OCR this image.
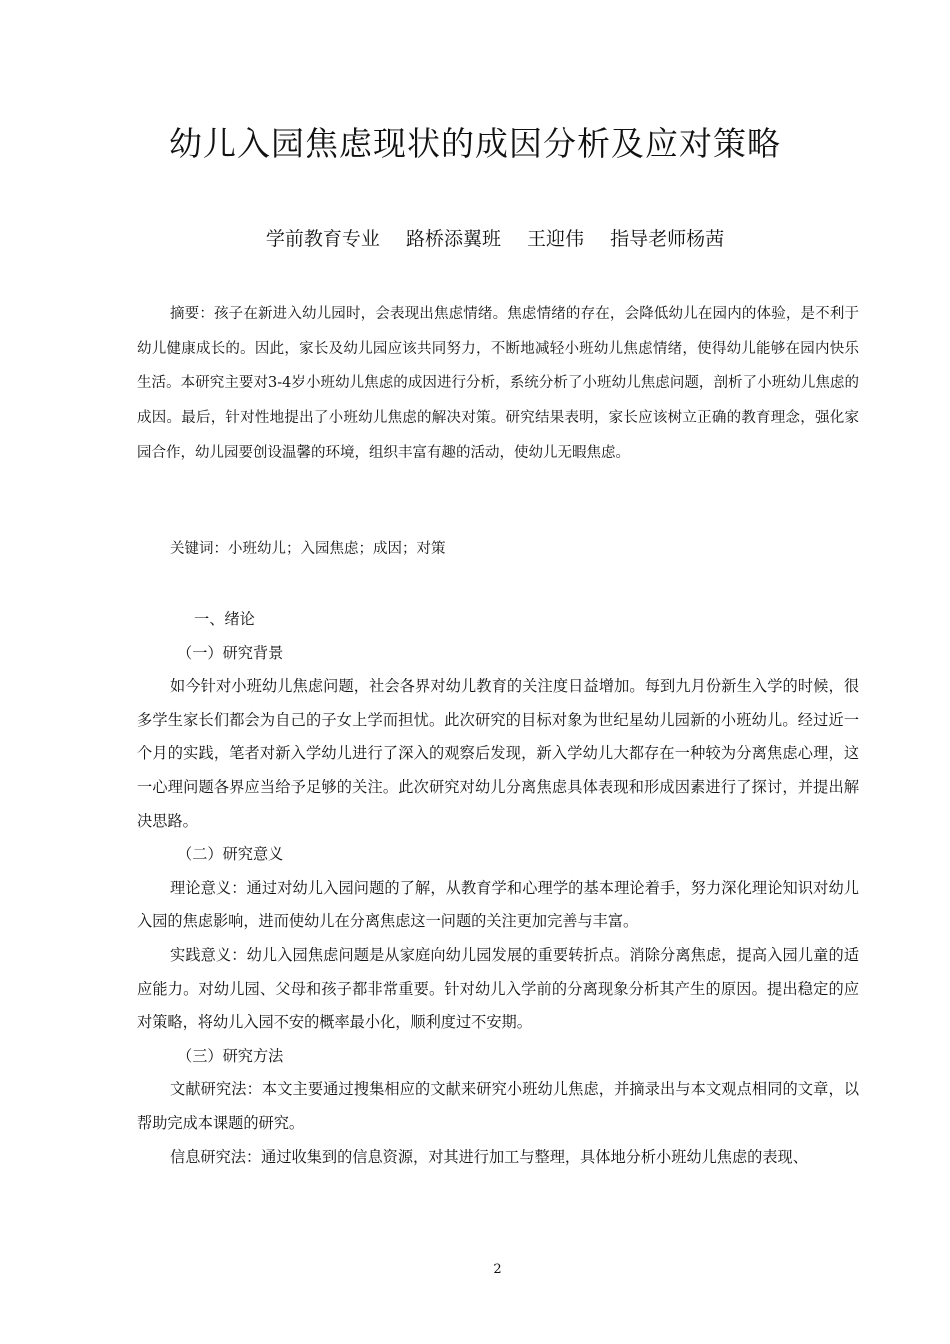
幼儿入园焦虑现状的成因分析及应对策略
学前教育专业 路桥添翼班 王迎伟 指导老师杨茜
摘要：孩子在新进入幼儿园时，会表现出焦虑情绪。焦虑情绪的存在，会降低幼儿在园内的体验，是不利于幼儿健康成长的。因此，家长及幼儿园应该共同努力，不断地减轻小班幼儿焦虑情绪，使得幼儿能够在园内快乐生活。本研究主要对3-4岁小班幼儿焦虑的成因进行分析，系统分析了小班幼儿焦虑问题，剖析了小班幼儿焦虑的成因。最后，针对性地提出了小班幼儿焦虑的解决对策。研究结果表明，家长应该树立正确的教育理念，强化家园合作，幼儿园要创设温馨的环境，组织丰富有趣的活动，使幼儿无暇焦虑。
关键词：小班幼儿；入园焦虑；成因；对策

一、绪论

（一）研究背景

如今针对小班幼儿焦虑问题，社会各界对幼儿教育的关注度日益增加。每到九月份新生入学的时候，很多学生家长们都会为自己的子女上学而担忧。此次研究的目标对象为世纪星幼儿园新的小班幼儿。经过近一个月的实践，笔者对新入学幼儿进行了深入的观察后发现，新入学幼儿大都存在一种较为分离焦虑心理，这一心理问题各界应当给予足够的关注。此次研究对幼儿分离焦虑具体表现和形成因素进行了探讨，并提出解决思路。

（二）研究意义

理论意义：通过对幼儿入园问题的了解，从教育学和心理学的基本理论着手，努力深化理论知识对幼儿入园的焦虑影响，进而使幼儿在分离焦虑这一问题的关注更加完善与丰富。

实践意义：幼儿入园焦虑问题是从家庭向幼儿园发展的重要转折点。消除分离焦虑，提高入园儿童的适应能力。对幼儿园、父母和孩子都非常重要。针对幼儿入学前的分离现象分析其产生的原因。提出稳定的应对策略，将幼儿入园不安的概率最小化，顺利度过不安期。

（三）研究方法

文献研究法：本文主要通过搜集相应的文献来研究小班幼儿焦虑，并摘录出与本文观点相同的文章，以帮助完成本课题的研究。

信息研究法：通过收集到的信息资源，对其进行加工与整理，具体地分析小班幼儿焦虑的表现、

2
